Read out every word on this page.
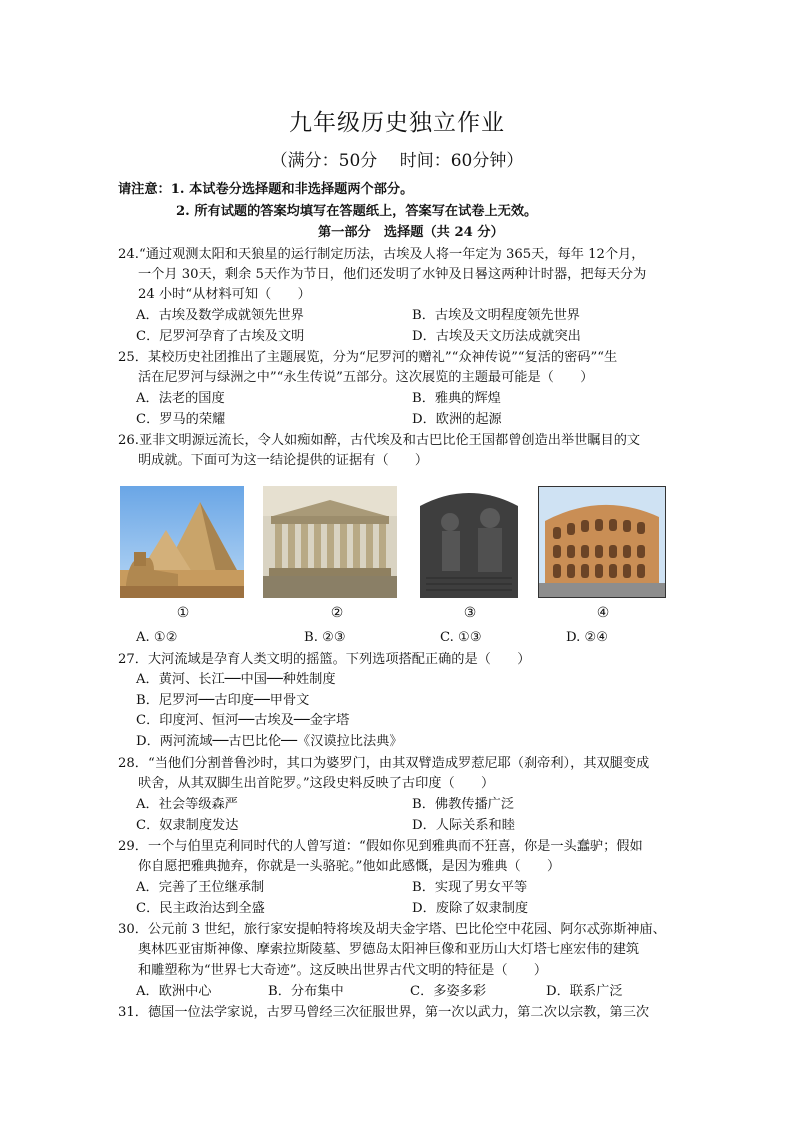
九年级历史独立作业
（满分：50分　 时间：60分钟）
请注意：1. 本试卷分选择题和非选择题两个部分。
2. 所有试题的答案均填写在答题纸上，答案写在试卷上无效。
第一部分　选择题（共 24 分）
24.“通过观测太阳和天狼星的运行制定历法，古埃及人将一年定为 365天，每年 12个月，
一个月 30天，剩余 5天作为节日，他们还发明了水钟及日晷这两种计时器，把每天分为
24 小时“从材料可知（　　）
A．古埃及数学成就领先世界	B．古埃及文明程度领先世界
C．尼罗河孕育了古埃及文明	D．古埃及天文历法成就突出
25．某校历史社团推出了主题展览，分为“尼罗河的赠礼”“众神传说”“复活的密码”“生
活在尼罗河与绿洲之中”“永生传说”五部分。这次展览的主题最可能是（　　）
A．法老的国度	B．雅典的辉煌
C．罗马的荣耀	D．欧洲的起源
26.亚非文明源远流长，令人如痴如醉，古代埃及和古巴比伦王国都曾创造出举世瞩目的文
明成就。下面可为这一结论提供的证据有（　　）
①	②	③	④
A. ①②	B. ②③	C. ①③	D. ②④
27．大河流域是孕育人类文明的摇篮。下列选项搭配正确的是（　　）
A．黄河、长江──中国──种姓制度
B．尼罗河──古印度──甲骨文
C．印度河、恒河──古埃及──金字塔
D．两河流域──古巴比伦──《汉谟拉比法典》
28．“当他们分割普鲁沙时，其口为婆罗门，由其双臂造成罗惹尼耶（刹帝利），其双腿变成
吠舍，从其双脚生出首陀罗。”这段史料反映了古印度（　　）
A．社会等级森严	B．佛教传播广泛
C．奴隶制度发达	D．人际关系和睦
29．一个与伯里克利同时代的人曾写道：“假如你见到雅典而不狂喜，你是一头蠢驴；假如
你自愿把雅典抛弃，你就是一头骆驼。”他如此感慨，是因为雅典（　　）
A．完善了王位继承制	B．实现了男女平等
C．民主政治达到全盛	D．废除了奴隶制度
30．公元前 3 世纪，旅行家安提帕特将埃及胡夫金字塔、巴比伦空中花园、阿尔忒弥斯神庙、
奥林匹亚宙斯神像、摩索拉斯陵墓、罗德岛太阳神巨像和亚历山大灯塔七座宏伟的建筑
和雕塑称为“世界七大奇迹”。这反映出世界古代文明的特征是（　　）
A．欧洲中心	B．分布集中	C．多姿多彩	D．联系广泛
31．德国一位法学家说，古罗马曾经三次征服世界，第一次以武力，第二次以宗教，第三次
